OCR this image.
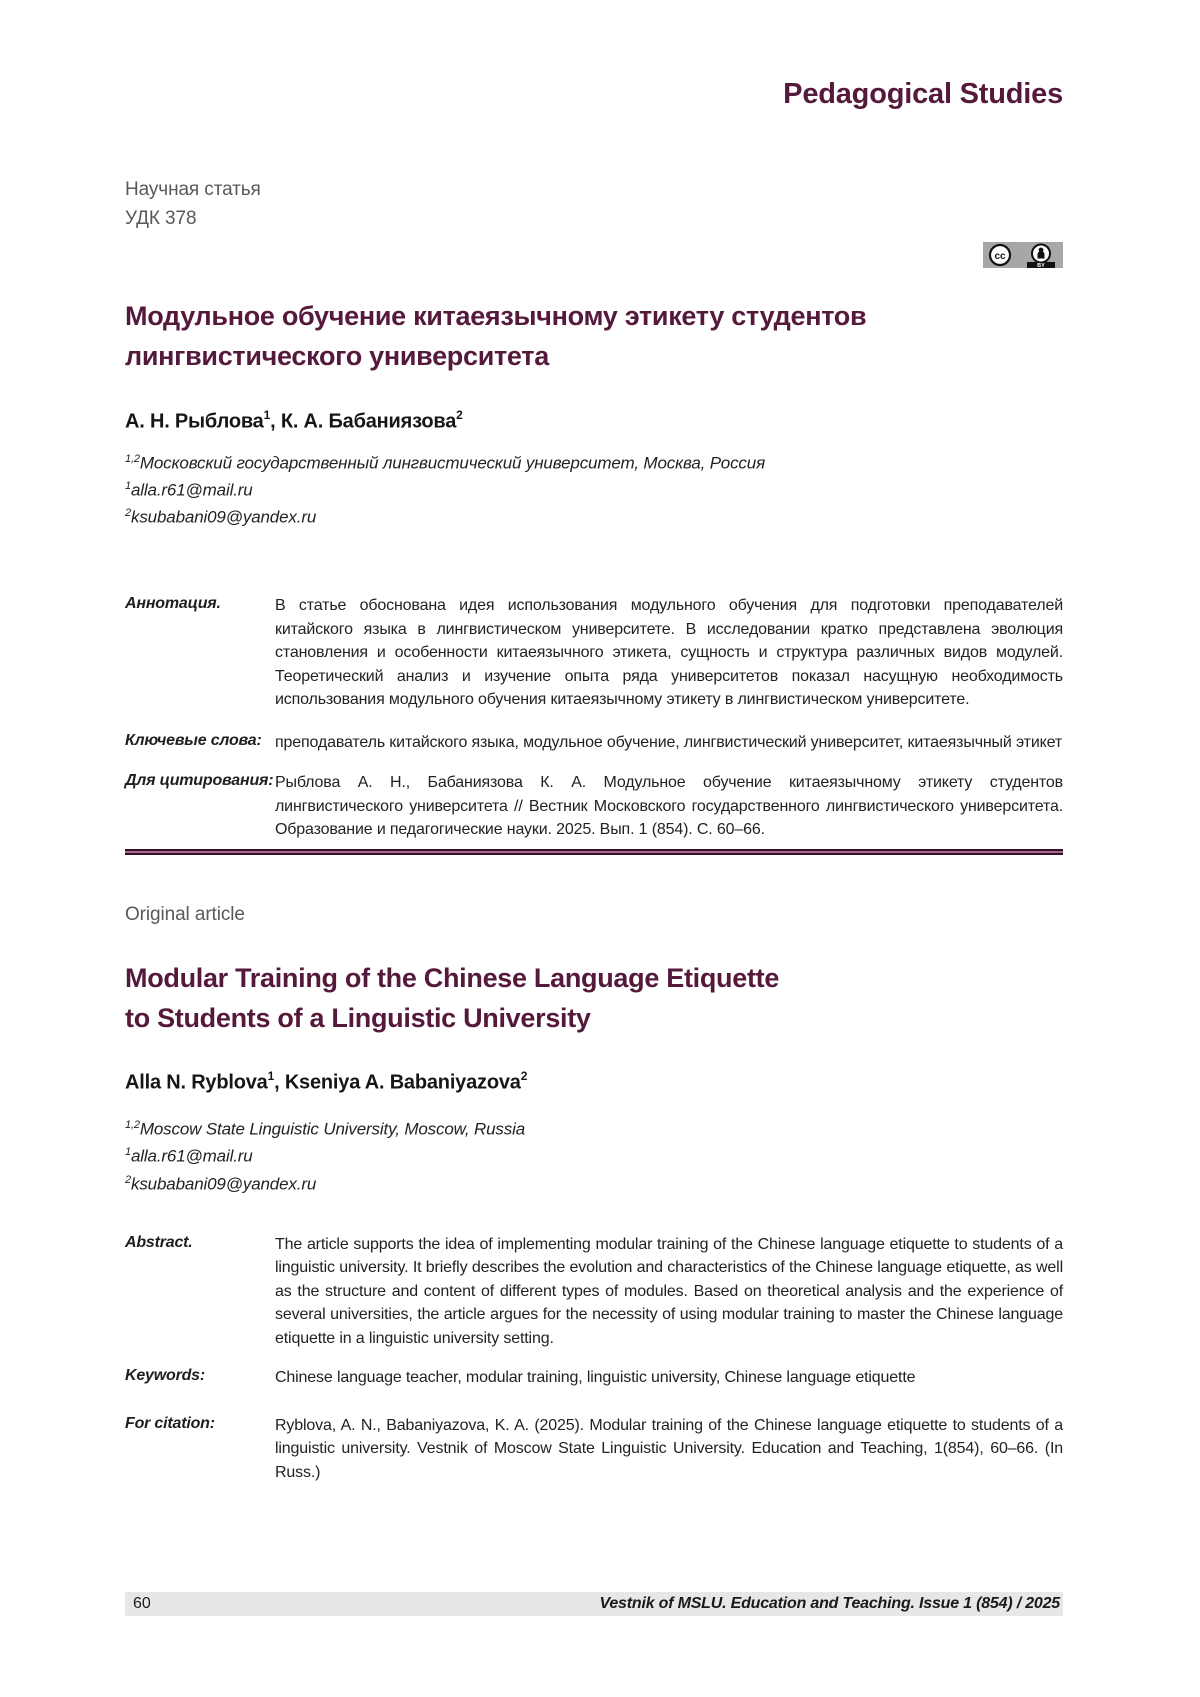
Pedagogical Studies
Научная статья
УДК 378
cc
BY
Модульное обучение китаеязычному этикету студентов
лингвистического университета

А. Н. Рыблова$^1$, К. А. Бабаниязова$^2$

$^{1,2}$Московский государственный лингвистический университет, Москва, Россия

$^1$alla.r61@mail.ru

$^2$ksubabani09@yandex.ru

Аннотация.	В статье обоснована идея использования модульного обучения для подготовки преподавателей китайского языка в лингвистическом университете. В исследовании кратко представлена эволюция становления и особенности китаеязычного этикета, сущность и структура различных видов модулей. Теоретический анализ и изучение опыта ряда университетов показал насущную необходимость использования модульного обучения китаеязычному этикету в лингвистическом университете.
Ключевые слова: преподаватель китайского языка, модульное обучение, лингвистический университет, китаеязычный этикет
Для цитирования: Рыблова А. Н., Бабаниязова К. А. Модульное обучение китаеязычному этикету студентов лингвистического университета // Вестник Московского государственного лингвистического университета. Образование и педагогические науки. 2025. Вып. 1 (854). С. 60–66.
Original article
Modular Training of the Chinese Language Etiquette
to Students of a Linguistic University

Alla N. Ryblova$^1$, Kseniya A. Babaniyazova$^2$

$^{1,2}$Moscow State Linguistic University, Moscow, Russia

$^1$alla.r61@mail.ru

$^2$ksubabani09@yandex.ru

Abstract.	The article supports the idea of implementing modular training of the Chinese language etiquette to students of a linguistic university. It briefly describes the evolution and characteristics of the Chinese language etiquette, as well as the structure and content of different types of modules. Based on theoretical analysis and the experience of several universities, the article argues for the necessity of using modular training to master the Chinese language etiquette in a linguistic university setting.
Keywords:	Chinese language teacher, modular training, linguistic university, Chinese language etiquette
For citation:	Ryblova, A. N., Babaniyazova, K. A. (2025). Modular training of the Chinese language etiquette to students of a linguistic university. Vestnik of Moscow State Linguistic University. Education and Teaching, 1(854), 60–66. (In Russ.)
60	Vestnik of MSLU. Education and Teaching. Issue 1 (854) / 2025
